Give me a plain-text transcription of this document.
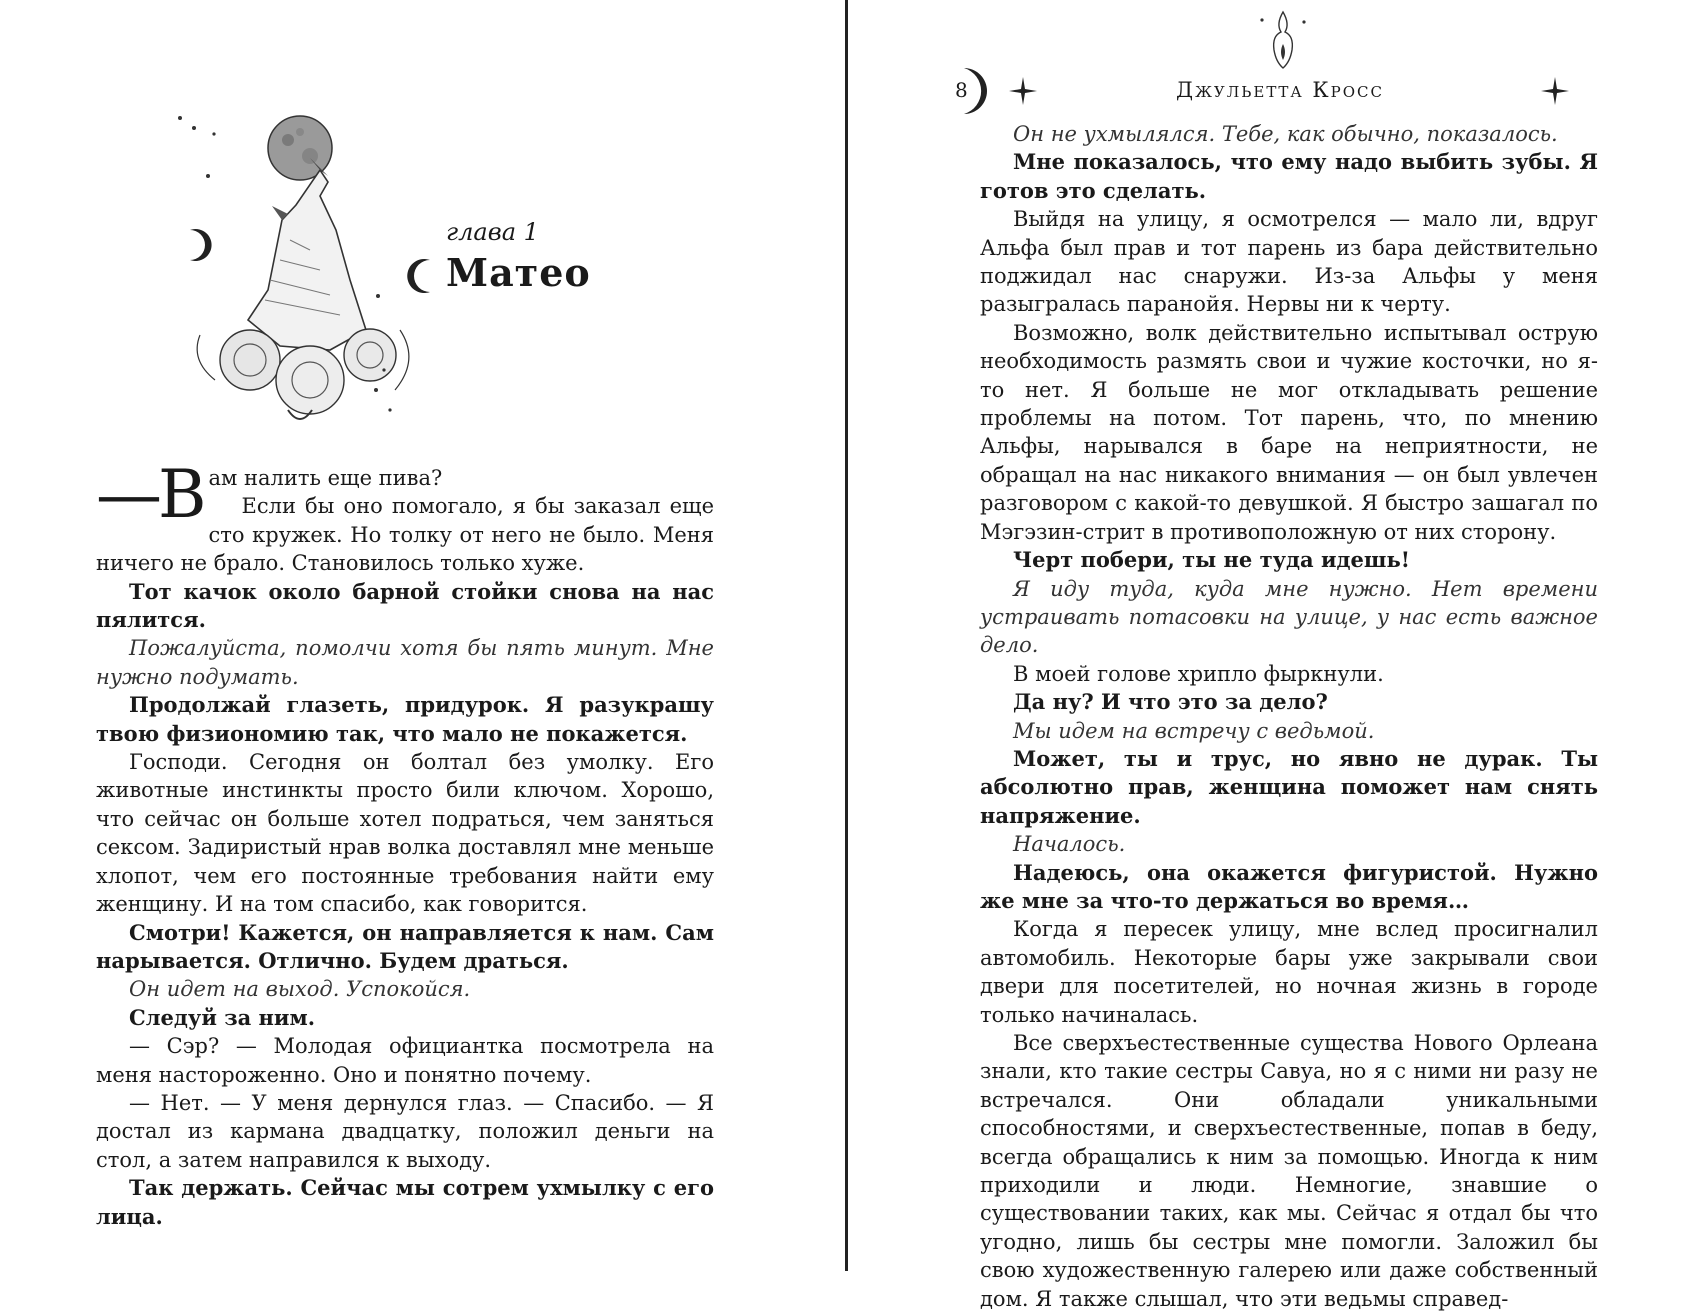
глава 1
Матео

—В ам налить еще пива?

Если бы оно помогало, я бы заказал еще сто кружек. Но толку от него не было. Меня ничего не брало. Становилось только хуже.

Тот качок около барной стойки снова на нас пялится.

Пожалуйста, помолчи хотя бы пять минут. Мне нужно подумать.

Продолжай глазеть, придурок. Я разукрашу твою физиономию так, что мало не покажется.

Господи. Сегодня он болтал без умолку. Его животные инстинкты просто били ключом. Хорошо, что сейчас он больше хотел подраться, чем заняться сексом. Задиристый нрав волка доставлял мне меньше хлопот, чем его постоянные требования найти ему женщину. И на том спасибо, как говорится.

Смотри! Кажется, он направляется к нам. Сам нарывается. Отлично. Будем драться.

Он идет на выход. Успокойся.

Следуй за ним.

— Сэр? — Молодая официантка посмотрела на меня настороженно. Оно и понятно почему.

— Нет. — У меня дернулся глаз. — Спасибо. — Я достал из кармана двадцатку, положил деньги на стол, а затем направился к выходу.

Так держать. Сейчас мы сотрем ухмылку с его лица.

8	Джульетта Кросс

Он не ухмылялся. Тебе, как обычно, показалось.

Мне показалось, что ему надо выбить зубы. Я готов это сделать.

Выйдя на улицу, я осмотрелся — мало ли, вдруг Альфа был прав и тот парень из бара действительно поджидал нас снаружи. Из-за Альфы у меня разыгралась паранойя. Нервы ни к черту.

Возможно, волк действительно испытывал острую необходимость размять свои и чужие косточки, но я-то нет. Я больше не мог откладывать решение проблемы на потом. Тот парень, что, по мнению Альфы, нарывался в баре на неприятности, не обращал на нас никакого внимания — он был увлечен разговором с какой-то девушкой. Я быстро зашагал по Мэгэзин-стрит в противоположную от них сторону.

Черт побери, ты не туда идешь!

Я иду туда, куда мне нужно. Нет времени устраивать потасовки на улице, у нас есть важное дело.

В моей голове хрипло фыркнули.

Да ну? И что это за дело?

Мы идем на встречу с ведьмой.

Может, ты и трус, но явно не дурак. Ты абсолютно прав, женщина поможет нам снять напряжение.

Началось.

Надеюсь, она окажется фигуристой. Нужно же мне за что-то держаться во время…

Когда я пересек улицу, мне вслед просигналил автомобиль. Некоторые бары уже закрывали свои двери для посетителей, но ночная жизнь в городе только начиналась.

Все сверхъестественные существа Нового Орлеана знали, кто такие сестры Савуа, но я с ними ни разу не встречался. Они обладали уникальными способностями, и сверхъестественные, попав в беду, всегда обращались к ним за помощью. Иногда к ним приходили и люди. Немногие, знавшие о существовании таких, как мы. Сейчас я отдал бы что угодно, лишь бы сестры мне помогли. Заложил бы свою художественную галерею или даже собственный дом. Я также слышал, что эти ведьмы справед-
